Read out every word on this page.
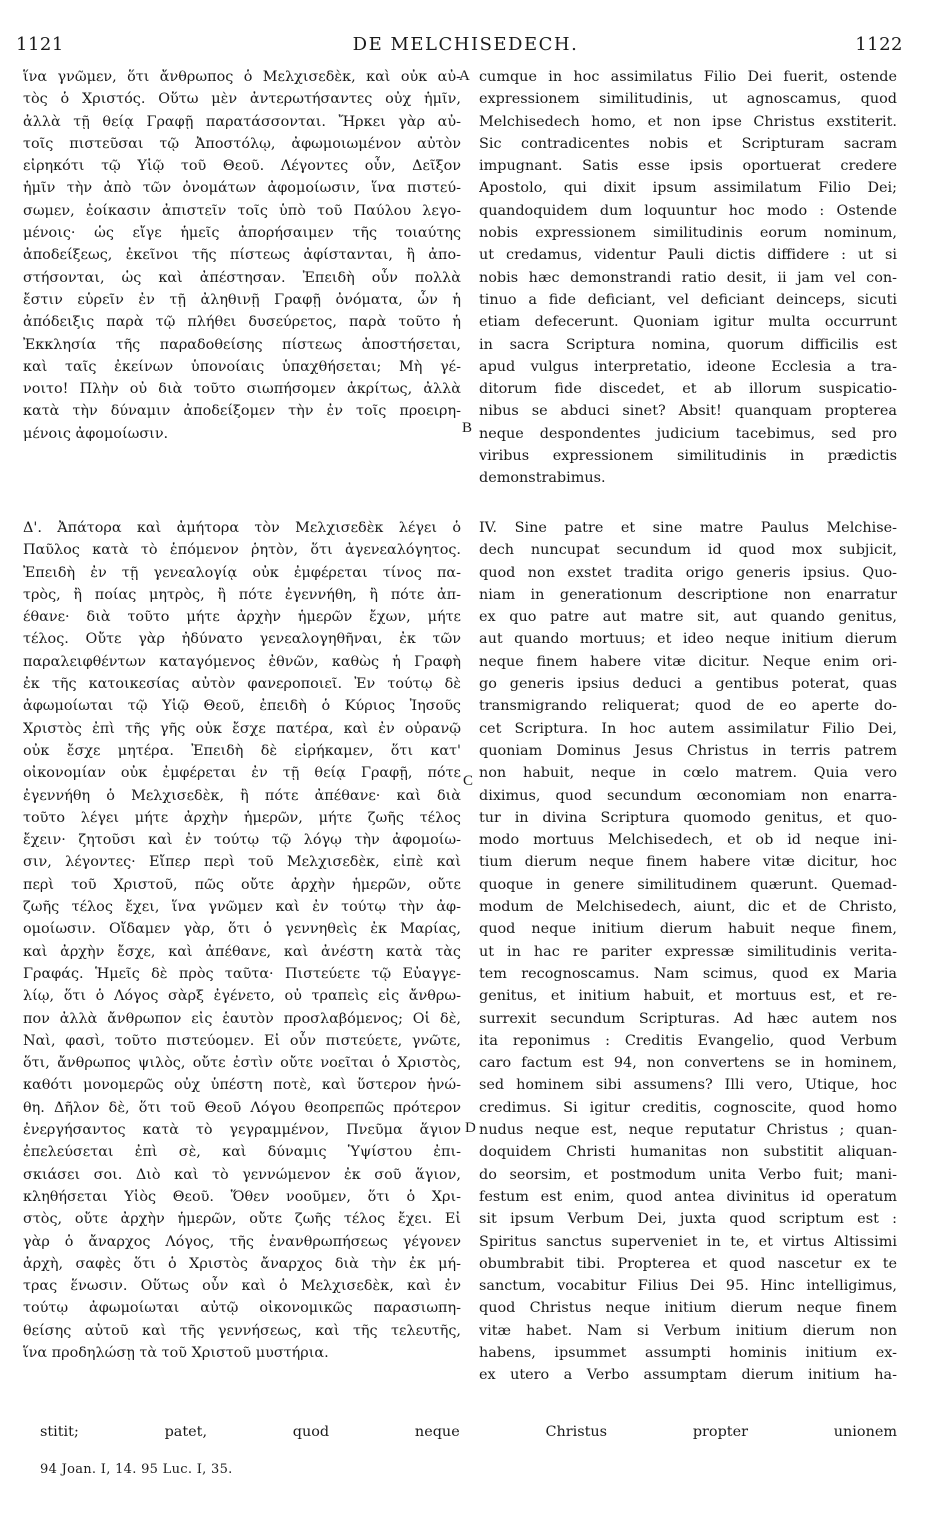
1121	DE MELCHISEDECH.	1122
A
B
C
D
ἵνα γνῶμεν, ὅτι ἄνθρωπος ὁ Μελχισεδὲκ, καὶ οὐκ αὐ-
τὸς ὁ Χριστός. Οὕτω μὲν ἀντερωτήσαντες οὐχ ἡμῖν,
ἀλλὰ τῇ θείᾳ Γραφῇ παρατάσσονται. Ἤρκει γὰρ αὐ-
τοῖς πιστεῦσαι τῷ Ἀποστόλῳ, ἀφωμοιωμένον αὐτὸν
εἰρηκότι τῷ Υἱῷ τοῦ Θεοῦ. Λέγοντες οὖν, Δεῖξον
ἡμῖν τὴν ἀπὸ τῶν ὀνομάτων ἀφομοίωσιν, ἵνα πιστεύ-
σωμεν, ἐοίκασιν ἀπιστεῖν τοῖς ὑπὸ τοῦ Παύλου λεγο-
μένοις· ὡς εἴγε ἡμεῖς ἀπορήσαιμεν τῆς τοιαύτης
ἀποδείξεως, ἐκεῖνοι τῆς πίστεως ἀφίστανται, ἢ ἀπο-
στήσονται, ὡς καὶ ἀπέστησαν. Ἐπειδὴ οὖν πολλὰ
ἔστιν εὑρεῖν ἐν τῇ ἀληθινῇ Γραφῇ ὀνόματα, ὧν ἡ
ἀπόδειξις παρὰ τῷ πλήθει δυσεύρετος, παρὰ τοῦτο ἡ
Ἐκκλησία τῆς παραδοθείσης πίστεως ἀποστήσεται,
καὶ ταῖς ἐκείνων ὑπονοίαις ὑπαχθήσεται; Μὴ γέ-
νοιτο! Πλὴν οὐ διὰ τοῦτο σιωπήσομεν ἀκρίτως, ἀλλὰ
κατὰ τὴν δύναμιν ἀποδείξομεν τὴν ἐν τοῖς προειρη-
μένοις ἀφομοίωσιν.
cumque in hoc assimilatus Filio Dei fuerit, ostende
expressionem similitudinis, ut agnoscamus, quod
Melchisedech homo, et non ipse Christus exstiterit.
Sic contradicentes nobis et Scripturam sacram
impugnant. Satis esse ipsis oportuerat credere
Apostolo, qui dixit ipsum assimilatum Filio Dei;
quandoquidem dum loquuntur hoc modo : Ostende
nobis expressionem similitudinis eorum nominum,
ut credamus, videntur Pauli dictis diffidere : ut si
nobis hæc demonstrandi ratio desit, ii jam vel con-
tinuo a fide deficiant, vel deficiant deinceps, sicuti
etiam defecerunt. Quoniam igitur multa occurrunt
in sacra Scriptura nomina, quorum difficilis est
apud vulgus interpretatio, ideone Ecclesia a tra-
ditorum fide discedet, et ab illorum suspicatio-
nibus se abduci sinet? Absit! quanquam propterea
neque despondentes judicium tacebimus, sed pro
viribus expressionem similitudinis in prædictis
demonstrabimus.
Δ'. Ἀπάτορα καὶ ἀμήτορα τὸν Μελχισεδὲκ λέγει ὁ
Παῦλος κατὰ τὸ ἑπόμενον ῥητὸν, ὅτι ἀγενεαλόγητος.
Ἐπειδὴ ἐν τῇ γενεαλογίᾳ οὐκ ἐμφέρεται τίνος πα-
τρὸς, ἢ ποίας μητρὸς, ἢ πότε ἐγεννήθη, ἢ πότε ἀπ-
έθανε· διὰ τοῦτο μήτε ἀρχὴν ἡμερῶν ἔχων, μήτε
τέλος. Οὔτε γὰρ ἠδύνατο γενεαλογηθῆναι, ἐκ τῶν
παραλειφθέντων καταγόμενος ἐθνῶν, καθὼς ἡ Γραφὴ
ἐκ τῆς κατοικεσίας αὐτὸν φανεροποιεῖ. Ἐν τούτῳ δὲ
ἀφωμοίωται τῷ Υἱῷ Θεοῦ, ἐπειδὴ ὁ Κύριος Ἰησοῦς
Χριστὸς ἐπὶ τῆς γῆς οὐκ ἔσχε πατέρα, καὶ ἐν οὐρανῷ
οὐκ ἔσχε μητέρα. Ἐπειδὴ δὲ εἰρήκαμεν, ὅτι κατ'
οἰκονομίαν οὐκ ἐμφέρεται ἐν τῇ θείᾳ Γραφῇ, πότε
ἐγεννήθη ὁ Μελχισεδὲκ, ἢ πότε ἀπέθανε· καὶ διὰ
τοῦτο λέγει μήτε ἀρχὴν ἡμερῶν, μήτε ζωῆς τέλος
ἔχειν· ζητοῦσι καὶ ἐν τούτῳ τῷ λόγῳ τὴν ἀφομοίω-
σιν, λέγοντες· Εἴπερ περὶ τοῦ Μελχισεδὲκ, εἰπὲ καὶ
περὶ τοῦ Χριστοῦ, πῶς οὔτε ἀρχὴν ἡμερῶν, οὔτε
ζωῆς τέλος ἔχει, ἵνα γνῶμεν καὶ ἐν τούτῳ τὴν ἀφ-
ομοίωσιν. Οἴδαμεν γὰρ, ὅτι ὁ γεννηθεὶς ἐκ Μαρίας,
καὶ ἀρχὴν ἔσχε, καὶ ἀπέθανε, καὶ ἀνέστη κατὰ τὰς
Γραφάς. Ἡμεῖς δὲ πρὸς ταῦτα· Πιστεύετε τῷ Εὐαγγε-
λίῳ, ὅτι ὁ Λόγος σὰρξ ἐγένετο, οὐ τραπεὶς εἰς ἄνθρω-
πον ἀλλὰ ἄνθρωπον εἰς ἑαυτὸν προσλαβόμενος; Οἱ δὲ,
Ναὶ, φασὶ, τοῦτο πιστεύομεν. Εἰ οὖν πιστεύετε, γνῶτε,
ὅτι, ἄνθρωπος ψιλὸς, οὔτε ἐστὶν οὔτε νοεῖται ὁ Χριστὸς,
καθότι μονομερῶς οὐχ ὑπέστη ποτὲ, καὶ ὕστερον ἡνώ-
θη. Δῆλον δὲ, ὅτι τοῦ Θεοῦ Λόγου θεοπρεπῶς πρότερον
ἐνεργήσαντος κατὰ τὸ γεγραμμένον, Πνεῦμα ἅγιον
ἐπελεύσεται ἐπὶ σὲ, καὶ δύναμις Ὑψίστου ἐπι-
σκιάσει σοι. Διὸ καὶ τὸ γεννώμενον ἐκ σοῦ ἅγιον,
κληθήσεται Υἱὸς Θεοῦ. Ὅθεν νοοῦμεν, ὅτι ὁ Χρι-
στὸς, οὔτε ἀρχὴν ἡμερῶν, οὔτε ζωῆς τέλος ἔχει. Εἰ
γὰρ ὁ ἄναρχος Λόγος, τῆς ἐνανθρωπήσεως γέγονεν
ἀρχὴ, σαφὲς ὅτι ὁ Χριστὸς ἄναρχος διὰ τὴν ἐκ μή-
τρας ἕνωσιν. Οὕτως οὖν καὶ ὁ Μελχισεδὲκ, καὶ ἐν
τούτῳ ἀφωμοίωται αὐτῷ οἰκονομικῶς παρασιωπη-
θείσης αὐτοῦ καὶ τῆς γεννήσεως, καὶ τῆς τελευτῆς,
ἵνα προδηλώσῃ τὰ τοῦ Χριστοῦ μυστήρια.
IV. Sine patre et sine matre Paulus Melchise-
dech nuncupat secundum id quod mox subjicit,
quod non exstet tradita origo generis ipsius. Quo-
niam in generationum descriptione non enarratur
ex quo patre aut matre sit, aut quando genitus,
aut quando mortuus; et ideo neque initium dierum
neque finem habere vitæ dicitur. Neque enim ori-
go generis ipsius deduci a gentibus poterat, quas
transmigrando reliquerat; quod de eo aperte do-
cet Scriptura. In hoc autem assimilatur Filio Dei,
quoniam Dominus Jesus Christus in terris patrem
non habuit, neque in cœlo matrem. Quia vero
diximus, quod secundum œconomiam non enarra-
tur in divina Scriptura quomodo genitus, et quo-
modo mortuus Melchisedech, et ob id neque ini-
tium dierum neque finem habere vitæ dicitur, hoc
quoque in genere similitudinem quærunt. Quemad-
modum de Melchisedech, aiunt, dic et de Christo,
quod neque initium dierum habuit neque finem,
ut in hac re pariter expressæ similitudinis verita-
tem recognoscamus. Nam scimus, quod ex Maria
genitus, et initium habuit, et mortuus est, et re-
surrexit secundum Scripturas. Ad hæc autem nos
ita reponimus : Creditis Evangelio, quod Verbum
caro factum est 94, non convertens se in hominem,
sed hominem sibi assumens? Illi vero, Utique, hoc
credimus. Si igitur creditis, cognoscite, quod homo
nudus neque est, neque reputatur Christus ; quan-
doquidem Christi humanitas non substitit aliquan-
do seorsim, et postmodum unita Verbo fuit; mani-
festum est enim, quod antea divinitus id operatum
sit ipsum Verbum Dei, juxta quod scriptum est :
Spiritus sanctus superveniet in te, et virtus Altissimi
obumbrabit tibi. Propterea et quod nascetur ex te
sanctum, vocabitur Filius Dei 95. Hinc intelligimus,
quod Christus neque initium dierum neque finem
vitæ habet. Nam si Verbum initium dierum non
habens, ipsummet assumpti hominis initium ex-
ex utero a Verbo assumptam dierum initium ha-
stitit; patet, quod neque Christus propter unionem
94 Joan. I, 14. 95 Luc. I, 35.
